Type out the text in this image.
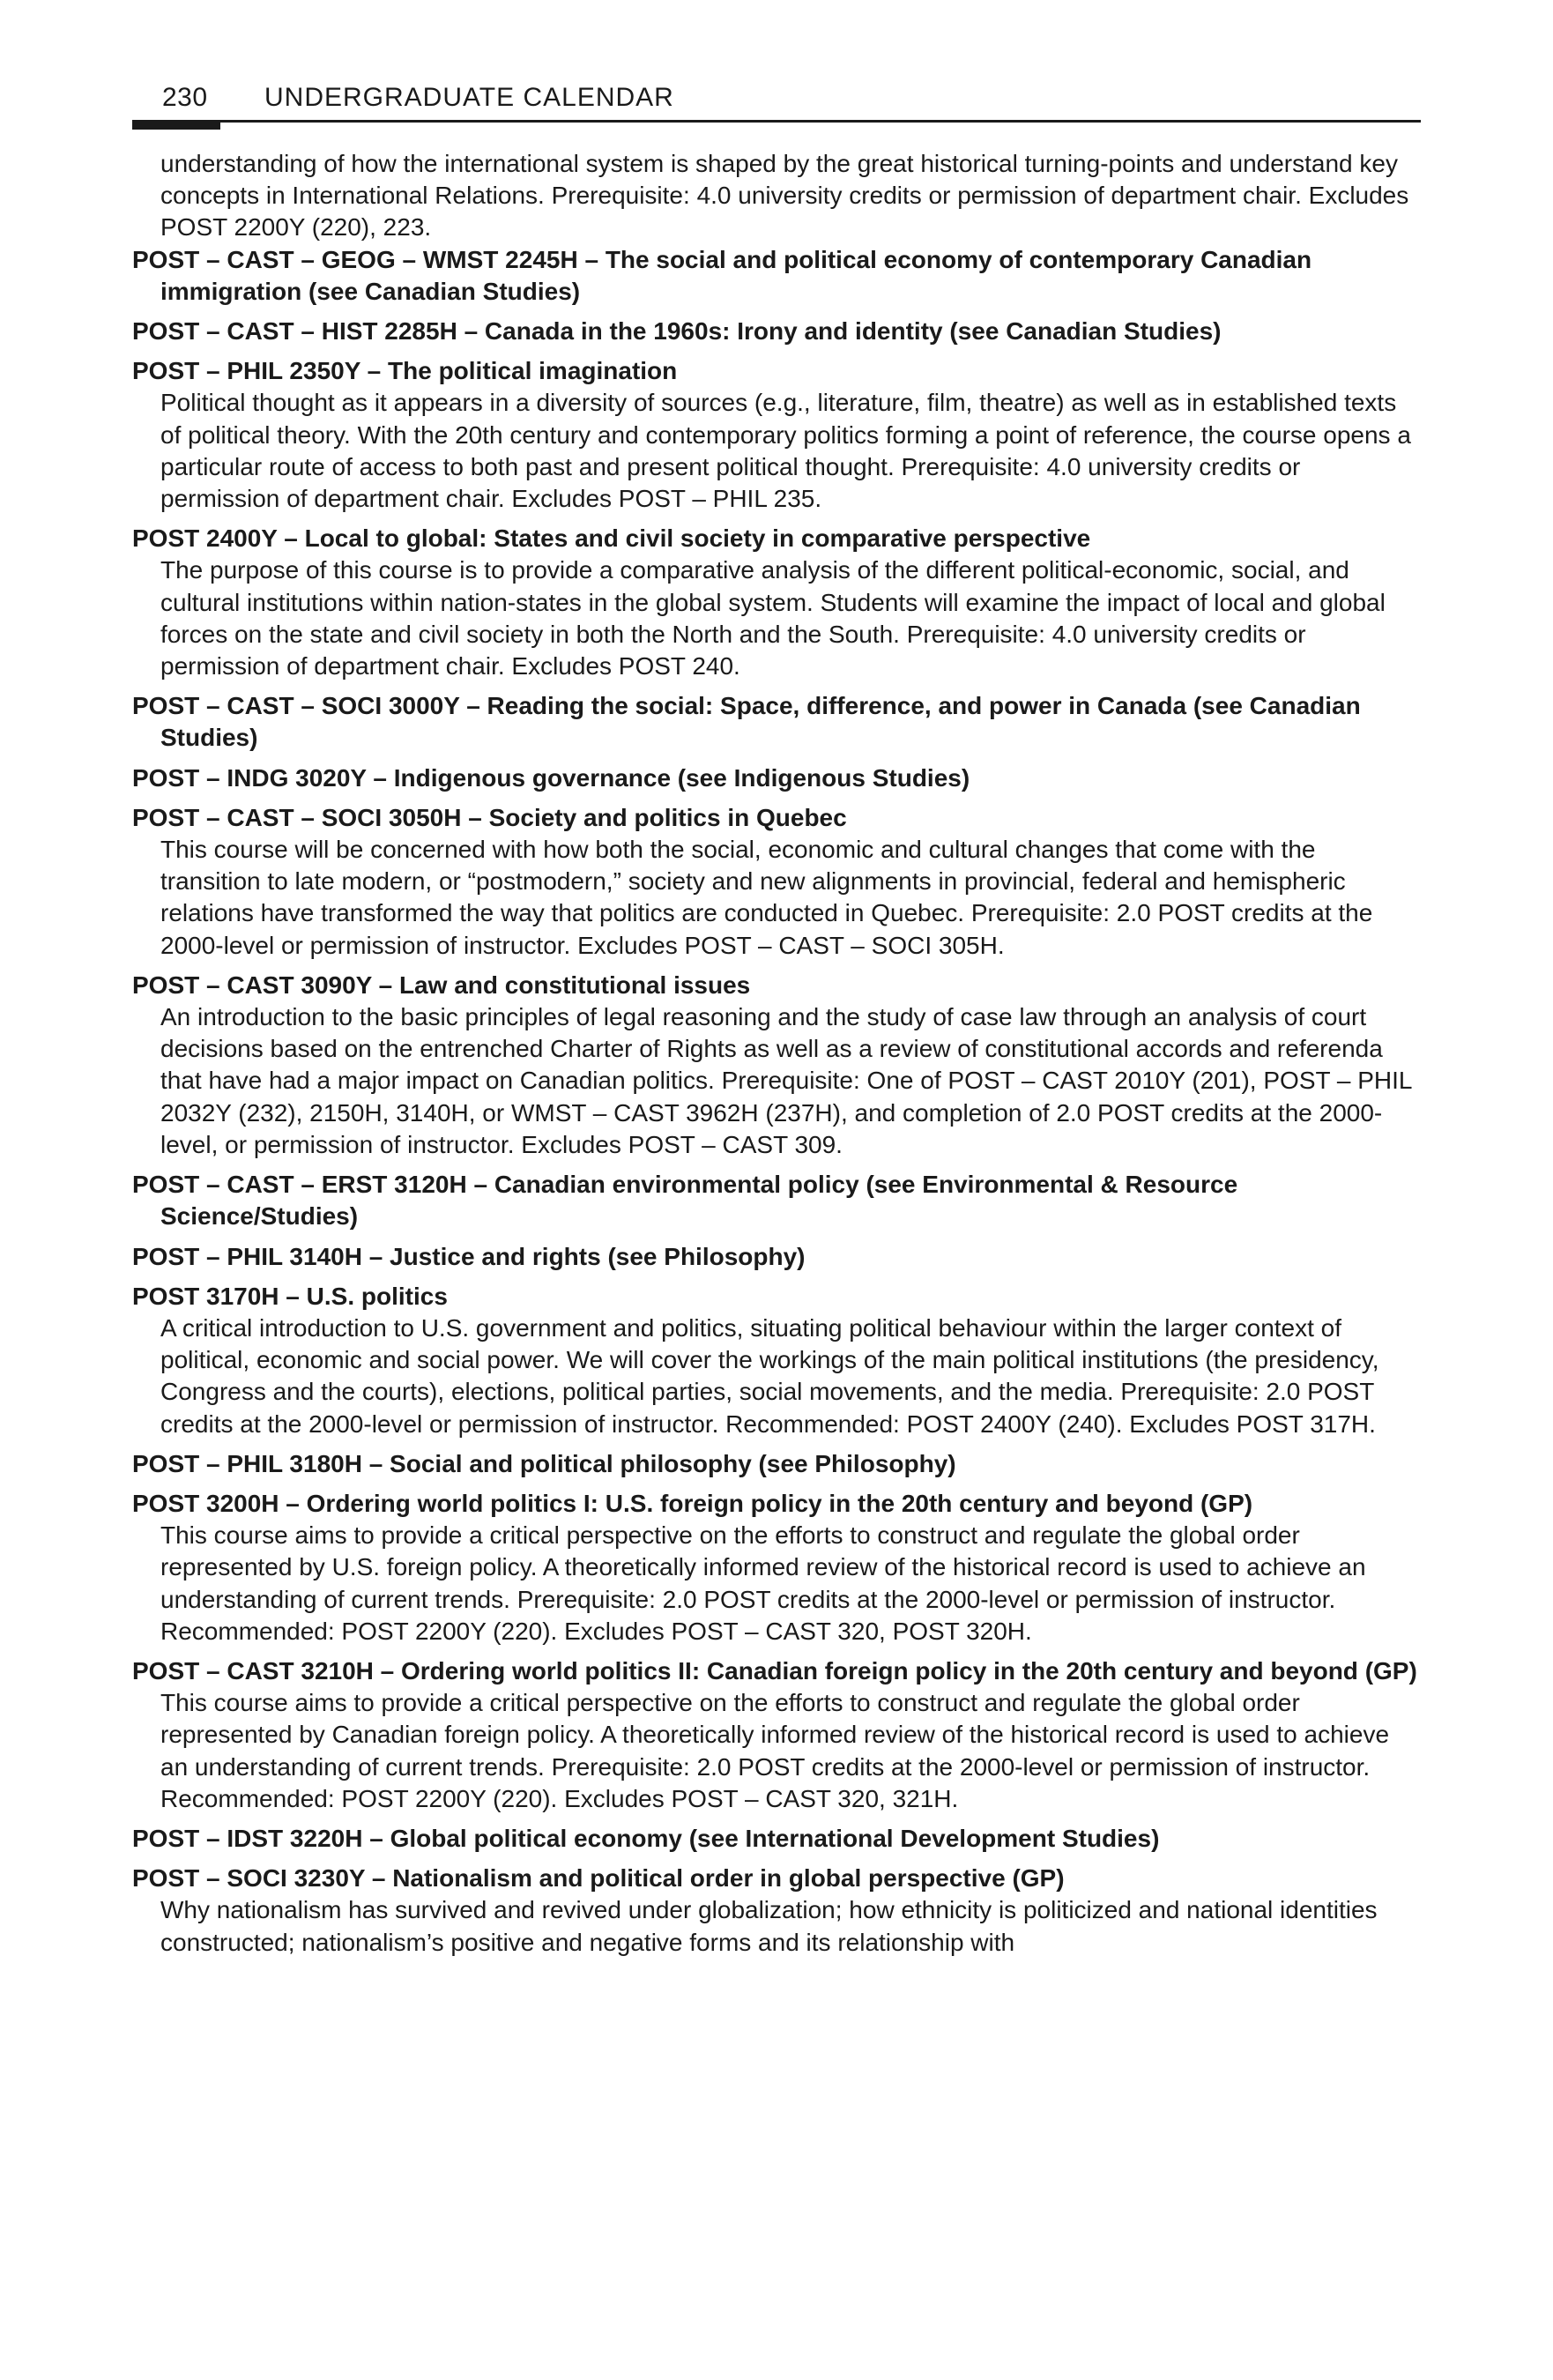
230 UNDERGRADUATE CALENDAR

understanding of how the international system is shaped by the great historical turning-points and understand key concepts in International Relations. Prerequisite: 4.0 university credits or permission of department chair. Excludes POST 2200Y (220), 223.

POST – CAST – GEOG – WMST 2245H – The social and political economy of contemporary Canadian immigration (see Canadian Studies)

POST – CAST – HIST 2285H – Canada in the 1960s: Irony and identity (see Canadian Studies)

POST – PHIL 2350Y – The political imagination

Political thought as it appears in a diversity of sources (e.g., literature, film, theatre) as well as in established texts of political theory. With the 20th century and contemporary politics forming a point of reference, the course opens a particular route of access to both past and present political thought. Prerequisite: 4.0 university credits or permission of department chair. Excludes POST – PHIL 235.

POST 2400Y – Local to global: States and civil society in comparative perspective

The purpose of this course is to provide a comparative analysis of the different political-economic, social, and cultural institutions within nation-states in the global system. Students will examine the impact of local and global forces on the state and civil society in both the North and the South. Prerequisite: 4.0 university credits or permission of department chair. Excludes POST 240.

POST – CAST – SOCI 3000Y – Reading the social: Space, difference, and power in Canada (see Canadian Studies)

POST – INDG 3020Y – Indigenous governance (see Indigenous Studies)

POST – CAST – SOCI 3050H – Society and politics in Quebec

This course will be concerned with how both the social, economic and cultural changes that come with the transition to late modern, or “postmodern,” society and new alignments in provincial, federal and hemispheric relations have transformed the way that politics are conducted in Quebec. Prerequisite: 2.0 POST credits at the 2000-level or permission of instructor. Excludes POST – CAST – SOCI 305H.

POST – CAST 3090Y – Law and constitutional issues

An introduction to the basic principles of legal reasoning and the study of case law through an analysis of court decisions based on the entrenched Charter of Rights as well as a review of constitutional accords and referenda that have had a major impact on Canadian politics. Prerequisite: One of POST – CAST 2010Y (201), POST – PHIL 2032Y (232), 2150H, 3140H, or WMST – CAST 3962H (237H), and completion of 2.0 POST credits at the 2000-level, or permission of instructor. Excludes POST – CAST 309.

POST – CAST – ERST 3120H – Canadian environmental policy (see Environmental & Resource Science/Studies)

POST – PHIL 3140H – Justice and rights (see Philosophy)

POST 3170H – U.S. politics

A critical introduction to U.S. government and politics, situating political behaviour within the larger context of political, economic and social power. We will cover the workings of the main political institutions (the presidency, Congress and the courts), elections, political parties, social movements, and the media. Prerequisite: 2.0 POST credits at the 2000-level or permission of instructor. Recommended: POST 2400Y (240). Excludes POST 317H.

POST – PHIL 3180H – Social and political philosophy (see Philosophy)

POST 3200H – Ordering world politics I: U.S. foreign policy in the 20th century and beyond (GP)

This course aims to provide a critical perspective on the efforts to construct and regulate the global order represented by U.S. foreign policy. A theoretically informed review of the historical record is used to achieve an understanding of current trends. Prerequisite: 2.0 POST credits at the 2000-level or permission of instructor. Recommended: POST 2200Y (220). Excludes POST – CAST 320, POST 320H.

POST – CAST 3210H – Ordering world politics II: Canadian foreign policy in the 20th century and beyond (GP)

This course aims to provide a critical perspective on the efforts to construct and regulate the global order represented by Canadian foreign policy. A theoretically informed review of the historical record is used to achieve an understanding of current trends. Prerequisite: 2.0 POST credits at the 2000-level or permission of instructor. Recommended: POST 2200Y (220). Excludes POST – CAST 320, 321H.

POST – IDST 3220H – Global political economy (see International Development Studies)

POST – SOCI 3230Y – Nationalism and political order in global perspective (GP)

Why nationalism has survived and revived under globalization; how ethnicity is politicized and national identities constructed; nationalism’s positive and negative forms and its relationship with
